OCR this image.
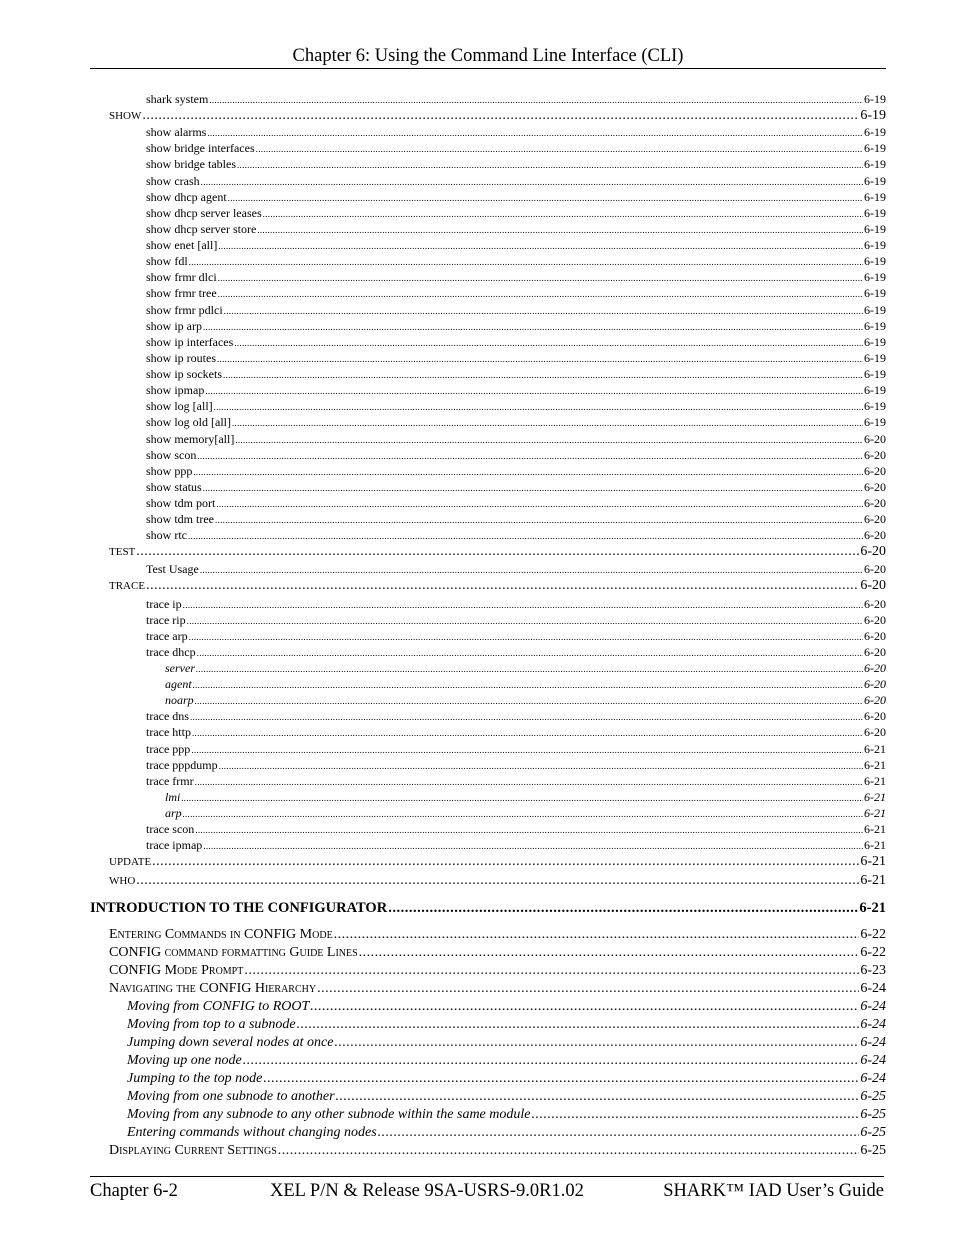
Chapter 6: Using the Command Line Interface (CLI)
shark system .....	6-19
SHOW .....	6-19
show alarms .....	6-19
show bridge interfaces .....	6-19
show bridge tables .....	6-19
show crash .....	6-19
show dhcp agent .....	6-19
show dhcp server leases .....	6-19
show dhcp server store .....	6-19
show enet [all] .....	6-19
show fdl .....	6-19
show frmr dlci .....	6-19
show frmr tree .....	6-19
show frmr pdlci .....	6-19
show ip arp .....	6-19
show ip interfaces .....	6-19
show ip routes .....	6-19
show ip sockets .....	6-19
show ipmap .....	6-19
show log [all] .....	6-19
show log old [all] .....	6-19
show memory[all] .....	6-20
show scon .....	6-20
show ppp .....	6-20
show status .....	6-20
show tdm port .....	6-20
show tdm tree .....	6-20
show rtc .....	6-20
TEST .....	6-20
Test Usage .....	6-20
TRACE .....	6-20
trace ip .....	6-20
trace rip .....	6-20
trace arp .....	6-20
trace dhcp .....	6-20
server .....	6-20
agent .....	6-20
noarp .....	6-20
trace dns .....	6-20
trace http .....	6-20
trace ppp .....	6-21
trace pppdump .....	6-21
trace frmr .....	6-21
lmi .....	6-21
arp .....	6-21
trace scon .....	6-21
trace ipmap .....	6-21
UPDATE .....	6-21
WHO .....	6-21
INTRODUCTION TO THE CONFIGURATOR .....	6-21
Entering Commands in CONFIG Mode .....	6-22
CONFIG command formatting Guide Lines .....	6-22
CONFIG Mode Prompt .....	6-23
Navigating the CONFIG Hierarchy .....	6-24
Moving from CONFIG to ROOT .....	6-24
Moving from top to a subnode .....	6-24
Jumping down several nodes at once .....	6-24
Moving up one node .....	6-24
Jumping to the top node .....	6-24
Moving from one subnode to another .....	6-25
Moving from any subnode to any other subnode within the same module .....	6-25
Entering commands without changing nodes .....	6-25
Displaying Current Settings .....	6-25
Chapter 6-2	XEL P/N & Release 9SA-USRS-9.0R1.02	SHARK™ IAD User’s Guide
